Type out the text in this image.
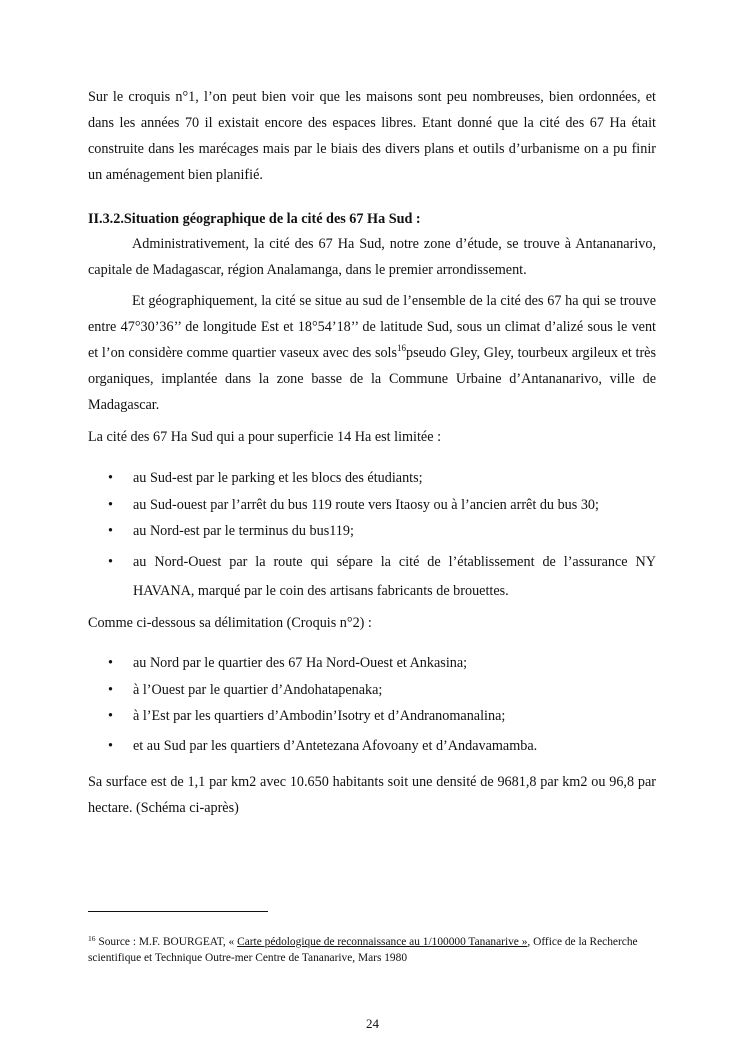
Sur le croquis n°1, l’on peut bien voir que les maisons sont peu nombreuses, bien ordonnées, et dans les années 70 il existait encore des espaces libres. Etant donné que la cité des 67 Ha était construite dans les marécages mais par le biais des divers plans et outils d’urbanisme on a pu finir un aménagement bien planifié.

II.3.2.Situation géographique de la cité des 67 Ha Sud :

Administrativement, la cité des 67 Ha Sud, notre zone d’étude, se trouve à Antananarivo, capitale de Madagascar, région Analamanga, dans le premier arrondissement.

Et géographiquement, la cité se situe au sud de l’ensemble de la cité des 67 ha qui se trouve entre 47°30’36’’ de longitude Est et 18°54’18’’ de latitude Sud, sous un climat d’alizé sous le vent et l’on considère comme quartier vaseux avec des sols$^{16}$pseudo Gley, Gley, tourbeux argileux et très organiques, implantée dans la zone basse de la Commune Urbaine d’Antananarivo, ville de Madagascar.

La cité des 67 Ha Sud qui a pour superficie 14 Ha est limitée :

• au Sud-est par le parking et les blocs des étudiants;
• au Sud-ouest par l’arrêt du bus 119 route vers Itaosy ou à l’ancien arrêt du bus 30;
• au Nord-est par le terminus du bus119;
• au Nord-Ouest par la route qui sépare la cité de l’établissement de l’assurance NY HAVANA, marqué par le coin des artisans fabricants de brouettes.

Comme ci-dessous sa délimitation (Croquis n°2) :

• au Nord par le quartier des 67 Ha Nord-Ouest et Ankasina;
• à l’Ouest par le quartier d’Andohatapenaka;
• à l’Est par les quartiers d’Ambodin’Isotry et d’Andranomanalina;
• et au Sud par les quartiers d’Antetezana Afovoany et d’Andavamamba.

Sa surface est de 1,1 par km2 avec 10.650 habitants soit une densité de 9681,8 par km2 ou 96,8 par hectare. (Schéma ci-après)

$^{16}$ Source : M.F. BOURGEAT, « Carte pédologique de reconnaissance au 1/100000 Tananarive », Office de la Recherche scientifique et Technique Outre-mer Centre de Tananarive, Mars 1980
24
